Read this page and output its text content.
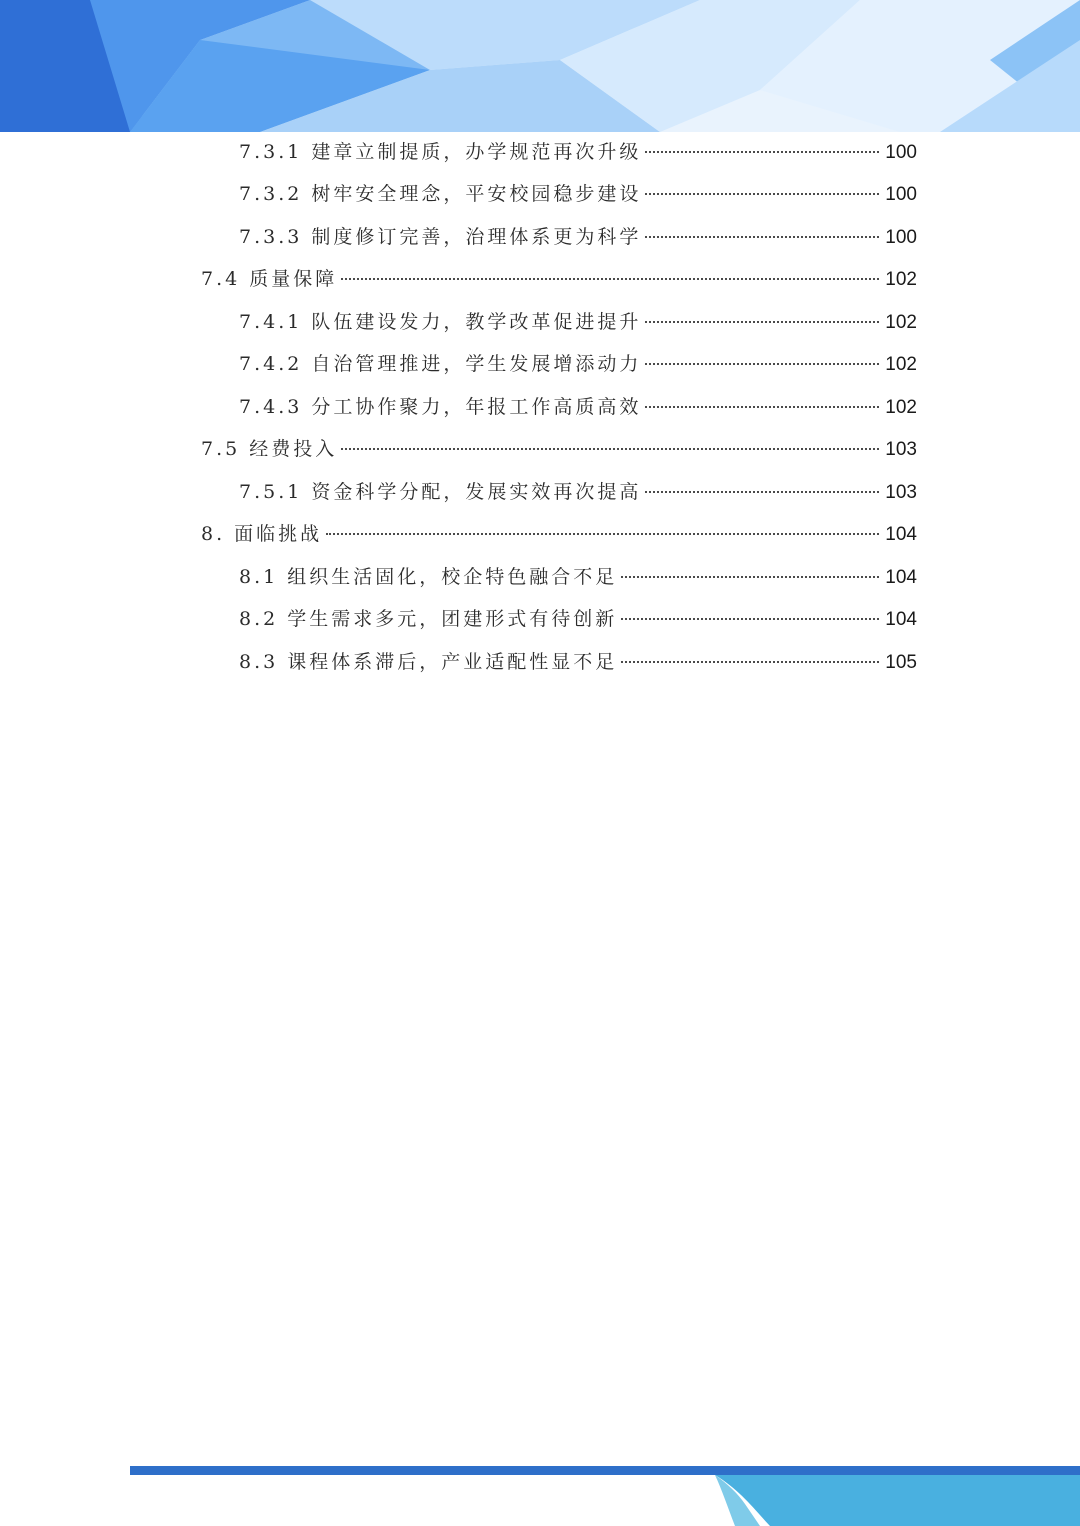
7.3.1 建章立制提质，办学规范再次升级	100
7.3.2 树牢安全理念，平安校园稳步建设	100
7.3.3 制度修订完善，治理体系更为科学	100
7.4 质量保障	102
7.4.1 队伍建设发力，教学改革促进提升	102
7.4.2 自治管理推进，学生发展增添动力	102
7.4.3 分工协作聚力，年报工作高质高效	102
7.5 经费投入	103
7.5.1 资金科学分配，发展实效再次提高	103
8. 面临挑战	104
8.1 组织生活固化，校企特色融合不足	104
8.2 学生需求多元，团建形式有待创新	104
8.3 课程体系滞后，产业适配性显不足	105
